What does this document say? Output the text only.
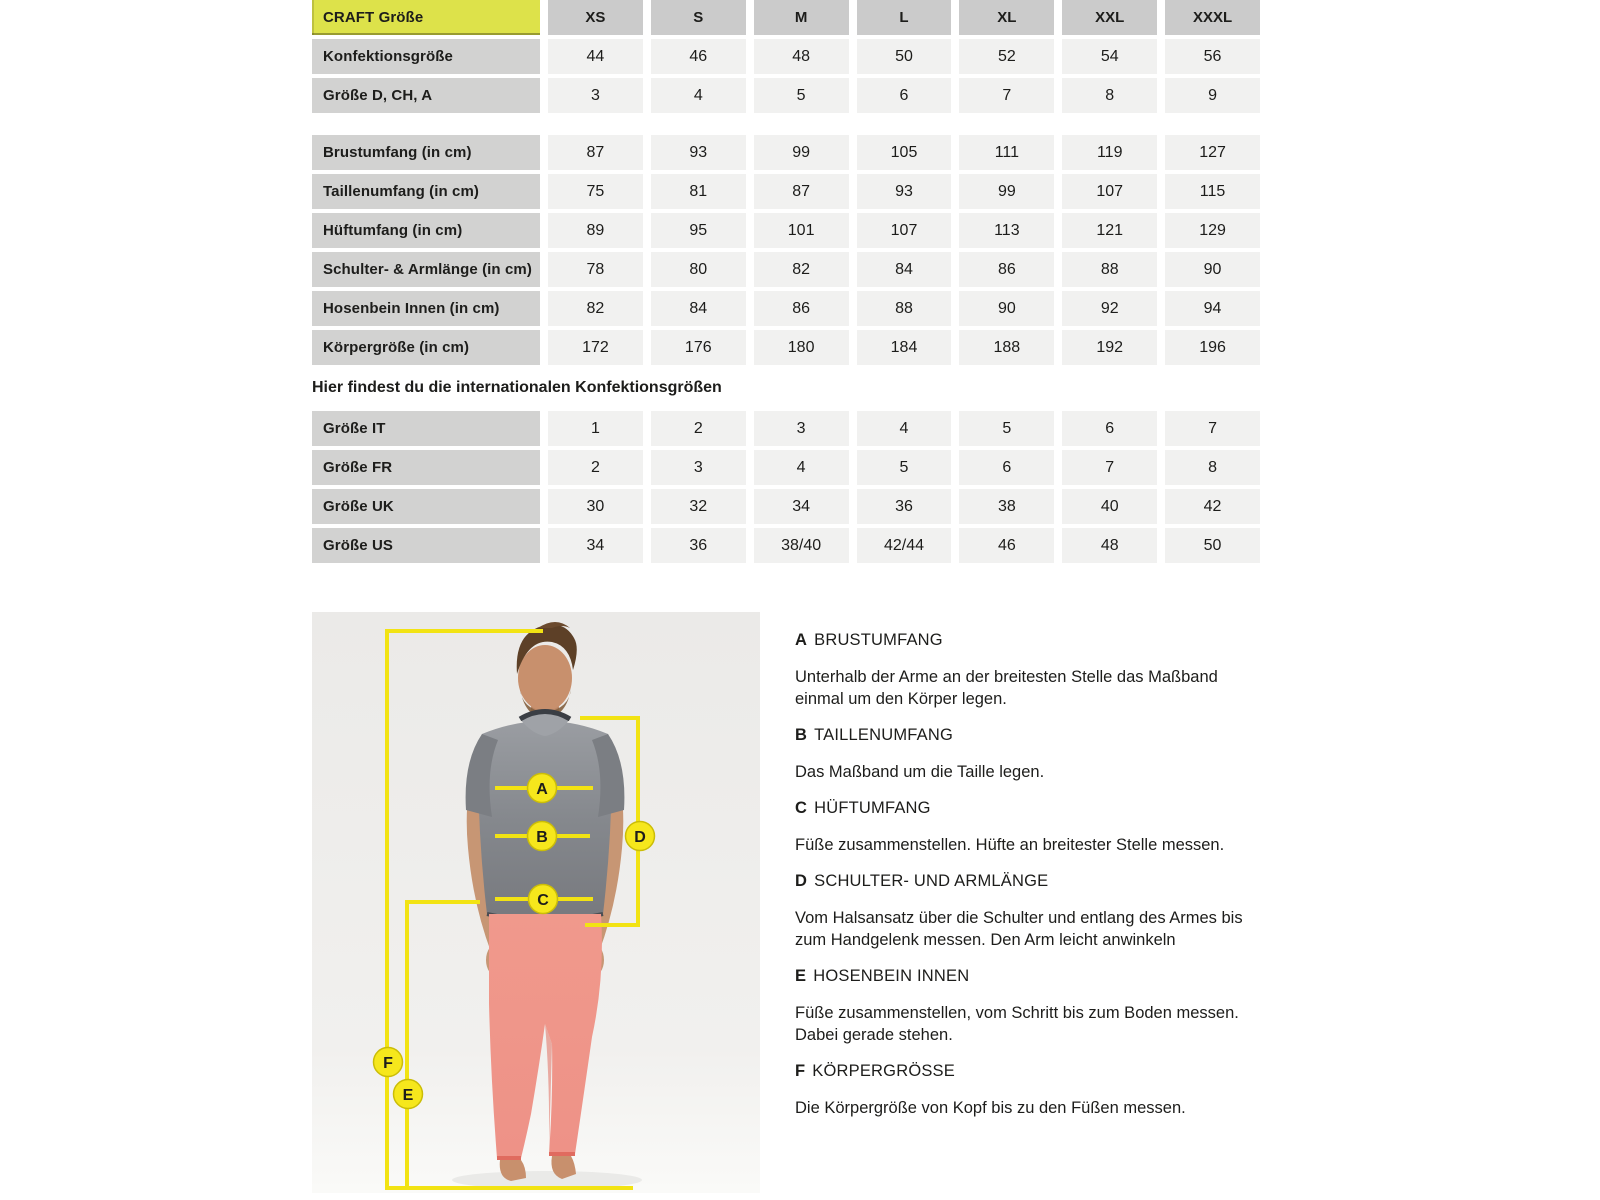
CRAFT Größe	XS	S	M	L	XL	XXL	XXXL
Konfektionsgröße	44	46	48	50	52	54	56
Größe D, CH, A	3	4	5	6	7	8	9
Brustumfang (in cm)	87	93	99	105	111	119	127
Taillenumfang (in cm)	75	81	87	93	99	107	115
Hüftumfang (in cm)	89	95	101	107	113	121	129
Schulter- & Armlänge (in cm)	78	80	82	84	86	88	90
Hosenbein Innen (in cm)	82	84	86	88	90	92	94
Körpergröße (in cm)	172	176	180	184	188	192	196
Hier findest du die internationalen Konfektionsgrößen
Größe IT	1	2	3	4	5	6	7
Größe FR	2	3	4	5	6	7	8
Größe UK	30	32	34	36	38	40	42
Größe US	34	36	38/40	42/44	46	48	50
A
B
C
D
E
F
A BRUSTUMFANG

Unterhalb der Arme an der breitesten Stelle das Maßband einmal um den Körper legen.

B TAILLENUMFANG

Das Maßband um die Taille legen.

C HÜFTUMFANG

Füße zusammenstellen. Hüfte an breitester Stelle messen.

D SCHULTER- UND ARMLÄNGE

Vom Halsansatz über die Schulter und entlang des Armes bis zum Handgelenk messen. Den Arm leicht anwinkeln

E HOSENBEIN INNEN

Füße zusammenstellen, vom Schritt bis zum Boden messen. Dabei gerade stehen.

F KÖRPERGRÖSSE

Die Körpergröße von Kopf bis zu den Füßen messen.
